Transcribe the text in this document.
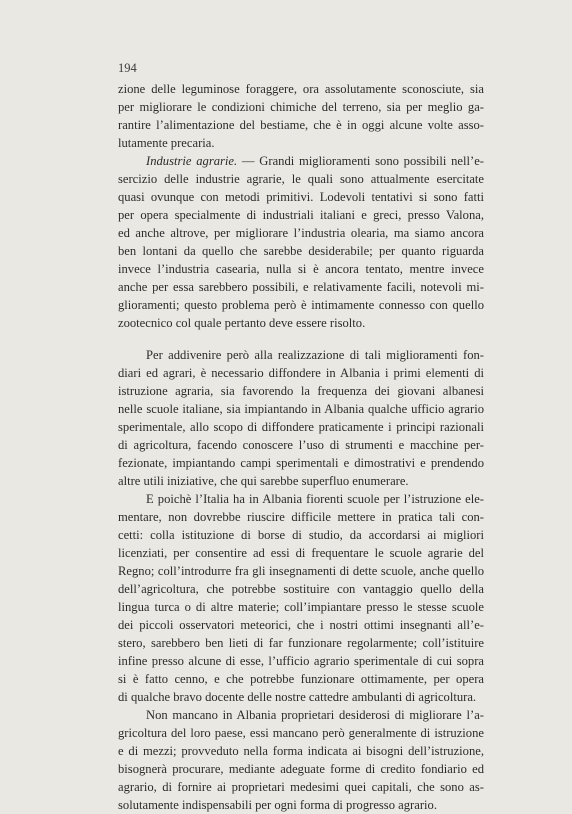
194
zione delle leguminose foraggere, ora assolutamente sconosciute, sia
per migliorare le condizioni chimiche del terreno, sia per meglio ga-
rantire l’alimentazione del bestiame, che è in oggi alcune volte asso-
lutamente precaria.
Industrie agrarie. — Grandi miglioramenti sono possibili nell’e-
sercizio delle industrie agrarie, le quali sono attualmente esercitate
quasi ovunque con metodi primitivi. Lodevoli tentativi si sono fatti
per opera specialmente di industriali italiani e greci, presso Valona,
ed anche altrove, per migliorare l’industria olearia, ma siamo ancora
ben lontani da quello che sarebbe desiderabile; per quanto riguarda
invece l’industria casearia, nulla si è ancora tentato, mentre invece
anche per essa sarebbero possibili, e relativamente facili, notevoli mi-
glioramenti; questo problema però è intimamente connesso con quello
zootecnico col quale pertanto deve essere risolto.
Per addivenire però alla realizzazione di tali miglioramenti fon-
diari ed agrari, è necessario diffondere in Albania i primi elementi di
istruzione agraria, sia favorendo la frequenza dei giovani albanesi
nelle scuole italiane, sia impiantando in Albania qualche ufficio agrario
sperimentale, allo scopo di diffondere praticamente i principi razionali
di agricoltura, facendo conoscere l’uso di strumenti e macchine per-
fezionate, impiantando campi sperimentali e dimostrativi e prendendo
altre utili iniziative, che qui sarebbe superfluo enumerare.
E poichè l’Italia ha in Albania fiorenti scuole per l’istruzione ele-
mentare, non dovrebbe riuscire difficile mettere in pratica tali con-
cetti: colla istituzione di borse di studio, da accordarsi ai migliori
licenziati, per consentire ad essi di frequentare le scuole agrarie del
Regno; coll’introdurre fra gli insegnamenti di dette scuole, anche quello
dell’agricoltura, che potrebbe sostituire con vantaggio quello della
lingua turca o di altre materie; coll’impiantare presso le stesse scuole
dei piccoli osservatori meteorici, che i nostri ottimi insegnanti all’e-
stero, sarebbero ben lieti di far funzionare regolarmente; coll’istituire
infine presso alcune di esse, l’ufficio agrario sperimentale di cui sopra
si è fatto cenno, e che potrebbe funzionare ottimamente, per opera
di qualche bravo docente delle nostre cattedre ambulanti di agricoltura.
Non mancano in Albania proprietari desiderosi di migliorare l’a-
gricoltura del loro paese, essi mancano però generalmente di istruzione
e di mezzi; provveduto nella forma indicata ai bisogni dell’istruzione,
bisognerà procurare, mediante adeguate forme di credito fondiario ed
agrario, di fornire ai proprietari medesimi quei capitali, che sono as-
solutamente indispensabili per ogni forma di progresso agrario.
